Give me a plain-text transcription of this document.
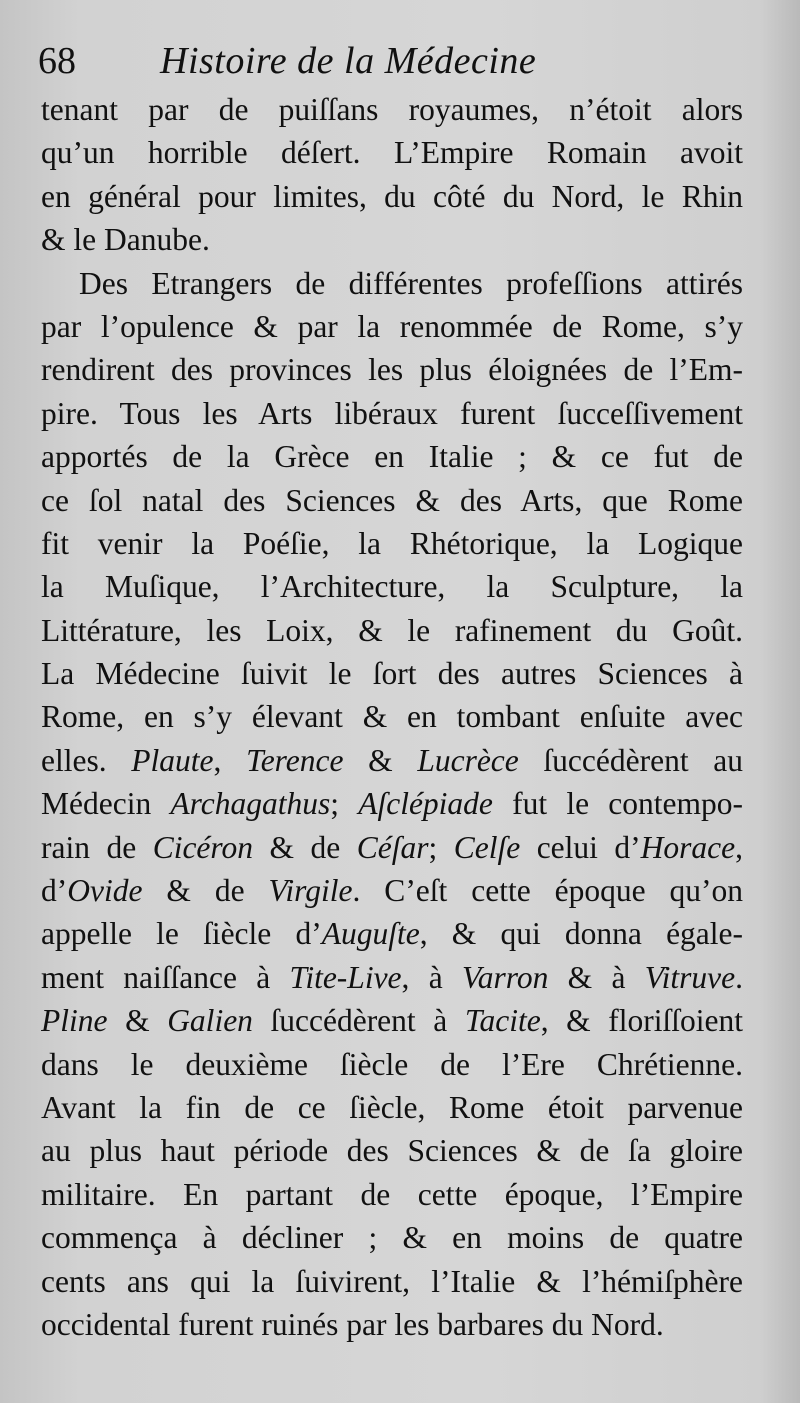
68 Histoire de la Médecine
tenant par de puiſſans royaumes, n’étoit alors
qu’un horrible déſert. L’Empire Romain avoit
en général pour limites, du côté du Nord, le Rhin
& le Danube.
Des Etrangers de différentes profeſſions attirés
par l’opulence & par la renommée de Rome, s’y
rendirent des provinces les plus éloignées de l’Em-
pire. Tous les Arts libéraux furent ſucceſſivement
apportés de la Grèce en Italie ; & ce fut de
ce ſol natal des Sciences & des Arts, que Rome
fit venir la Poéſie, la Rhétorique, la Logique
la Muſique, l’Architecture, la Sculpture, la
Littérature, les Loix, & le rafinement du Goût.
La Médecine ſuivit le ſort des autres Sciences à
Rome, en s’y élevant & en tombant enſuite avec
elles. Plaute, Terence & Lucrèce ſuccédèrent au
Médecin Archagathus; Aſclépiade fut le contempo-
rain de Cicéron & de Céſar; Celſe celui d’Horace,
d’Ovide & de Virgile. C’eſt cette époque qu’on
appelle le ſiècle d’Auguſte, & qui donna égale-
ment naiſſance à Tite-Live, à Varron & à Vitruve.
Pline & Galien ſuccédèrent à Tacite, & floriſſoient
dans le deuxième ſiècle de l’Ere Chrétienne.
Avant la fin de ce ſiècle, Rome étoit parvenue
au plus haut période des Sciences & de ſa gloire
militaire. En partant de cette époque, l’Empire
commença à décliner ; & en moins de quatre
cents ans qui la ſuivirent, l’Italie & l’hémiſphère
occidental furent ruinés par les barbares du Nord.
